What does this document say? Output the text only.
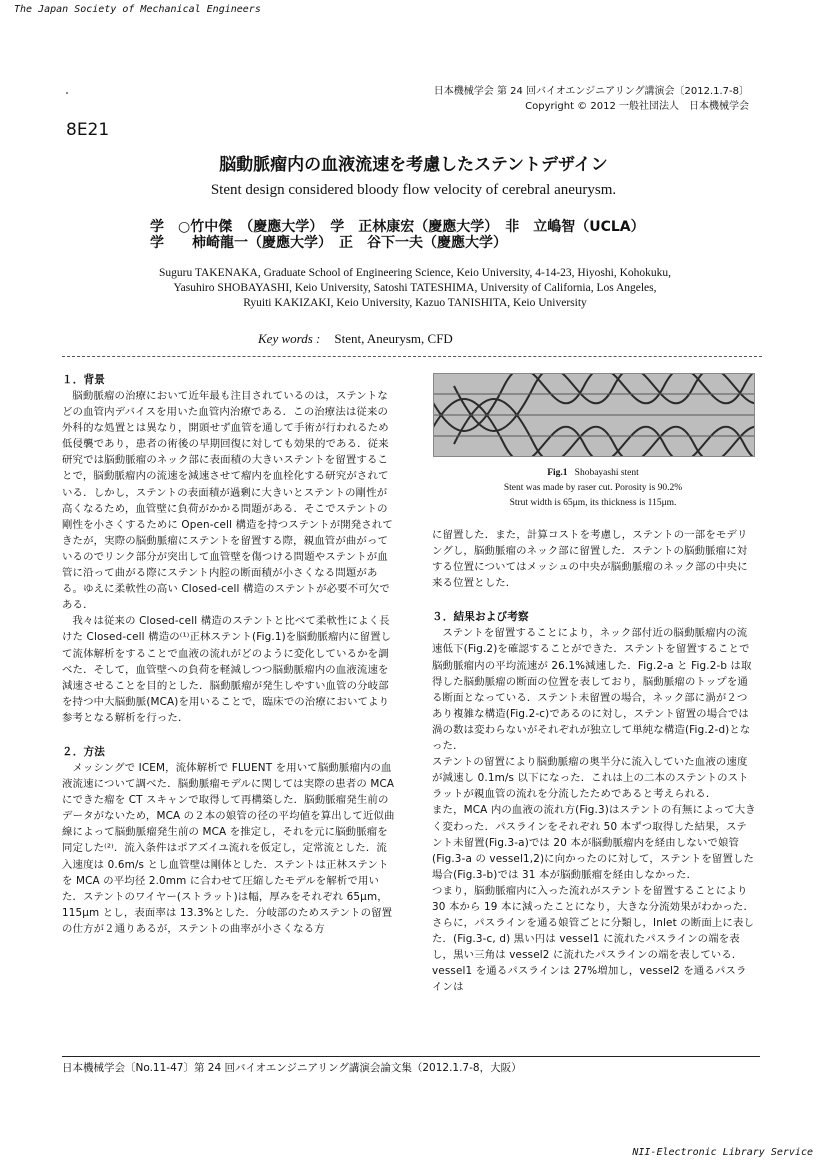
The Japan Society of Mechanical Engineers
日本機械学会 第 24 回バイオエンジニアリング講演会〔2012.1.7-8〕
Copyright © 2012 一般社団法人　日本機械学会
8E21
脳動脈瘤内の血液流速を考慮したステントデザイン
Stent design considered bloody flow velocity of cerebral aneurysm.
学　○竹中傑　（慶應大学）　学　正林康宏（慶應大学）　非　立嶋智（UCLA）
学　　柿崎龍一（慶應大学）　正　谷下一夫（慶應大学）
Suguru TAKENAKA, Graduate School of Engineering Science, Keio University, 4-14-23, Hiyoshi, Kohokuku,
Yasuhiro SHOBAYASHI, Keio University, Satoshi TATESHIMA, University of California, Los Angeles,
Ryuiti KAKIZAKI, Keio University, Kazuo TANISHITA, Keio University
Key words : Stent, Aneurysm, CFD
１．背景

脳動脈瘤の治療において近年最も注目されているのは，ステントなどの血管内デバイスを用いた血管内治療である．この治療法は従来の外科的な処置とは異なり，開頭せず血管を通して手術が行われるため低侵襲であり，患者の術後の早期回復に対しても効果的である．従来研究では脳動脈瘤のネック部に表面積の大きいステントを留置することで，脳動脈瘤内の流速を減速させて瘤内を血栓化する研究がされている．しかし，ステントの表面積が過剰に大きいとステントの剛性が高くなるため，血管壁に負荷がかかる問題がある．そこでステントの剛性を小さくするために Open-cell 構造を持つステントが開発されてきたが，実際の脳動脈瘤にステントを留置する際，親血管が曲がっているのでリンク部分が突出して血管壁を傷つける問題やステントが血管に沿って曲がる際にステント内腔の断面積が小さくなる問題がある。ゆえに柔軟性の高い Closed-cell 構造のステントが必要不可欠である．

我々は従来の Closed-cell 構造のステントと比べて柔軟性によく長けた Closed-cell 構造の⁽¹⁾正林ステント(Fig.1)を脳動脈瘤内に留置して流体解析をすることで血液の流れがどのように変化しているかを調べた．そして，血管壁への負荷を軽減しつつ脳動脈瘤内の血液流速を減速させることを目的とした．脳動脈瘤が発生しやすい血管の分岐部を持つ中大脳動脈(MCA)を用いることで，臨床での治療においてより参考となる解析を行った．

２．方法

メッシングで ICEM，流体解析で FLUENT を用いて脳動脈瘤内の血液流速について調べた．脳動脈瘤モデルに関しては実際の患者の MCA にできた瘤を CT スキャンで取得して再構築した．脳動脈瘤発生前のデータがないため，MCA の２本の娘管の径の平均値を算出して近似曲線によって脳動脈瘤発生前の MCA を推定し，それを元に脳動脈瘤を同定した⁽²⁾．流入条件はポアズイユ流れを仮定し，定常流とした．流入速度は 0.6m/s とし血管壁は剛体とした．ステントは正林ステントを MCA の平均径 2.0mm に合わせて圧縮したモデルを解析で用いた．ステントのワイヤー(ストラット)は幅，厚みをそれぞれ 65μm，115μm とし，表面率は 13.3%とした．分岐部のためステントの留置の仕方が２通りあるが，ステントの曲率が小さくなる方

Fig.1 Shobayashi stent
Stent was made by raser cut. Porosity is 90.2%
Strut width is 65μm, its thickness is 115μm.

に留置した．また，計算コストを考慮し，ステントの一部をモデリングし，脳動脈瘤のネック部に留置した．ステントの脳動脈瘤に対する位置についてはメッシュの中央が脳動脈瘤のネック部の中央に来る位置とした．

３．結果および考察

ステントを留置することにより，ネック部付近の脳動脈瘤内の流速低下(Fig.2)を確認することができた．ステントを留置することで脳動脈瘤内の平均流速が 26.1%減速した．Fig.2-a と Fig.2-b は取得した脳動脈瘤の断面の位置を表しており，脳動脈瘤のトップを通る断面となっている．ステント未留置の場合，ネック部に渦が２つあり複雑な構造(Fig.2-c)であるのに対し，ステント留置の場合では渦の数は変わらないがそれぞれが独立して単純な構造(Fig.2-d)となった．

ステントの留置により脳動脈瘤の奥半分に流入していた血液の速度が減速し 0.1m/s 以下になった．これは上の二本のステントのストラットが親血管の流れを分流したためであると考えられる．

また，MCA 内の血液の流れ方(Fig.3)はステントの有無によって大きく変わった．パスラインをそれぞれ 50 本ずつ取得した結果，ステント未留置(Fig.3-a)では 20 本が脳動脈瘤内を経由しないで娘管(Fig.3-a の vessel1,2)に向かったのに対して，ステントを留置した場合(Fig.3-b)では 31 本が脳動脈瘤を経由しなかった．

つまり，脳動脈瘤内に入った流れがステントを留置することにより 30 本から 19 本に減ったことになり，大きな分流効果がわかった．さらに，パスラインを通る娘管ごとに分類し，Inlet の断面上に表した．(Fig.3-c, d) 黒い円は vessel1 に流れたパスラインの端を表し，黒い三角は vessel2 に流れたパスラインの端を表している．vessel1 を通るパスラインは 27%増加し，vessel2 を通るパスラインは

日本機械学会〔No.11-47〕第 24 回バイオエンジニアリング講演会論文集（2012.1.7-8，大阪）
NII-Electronic Library Service
